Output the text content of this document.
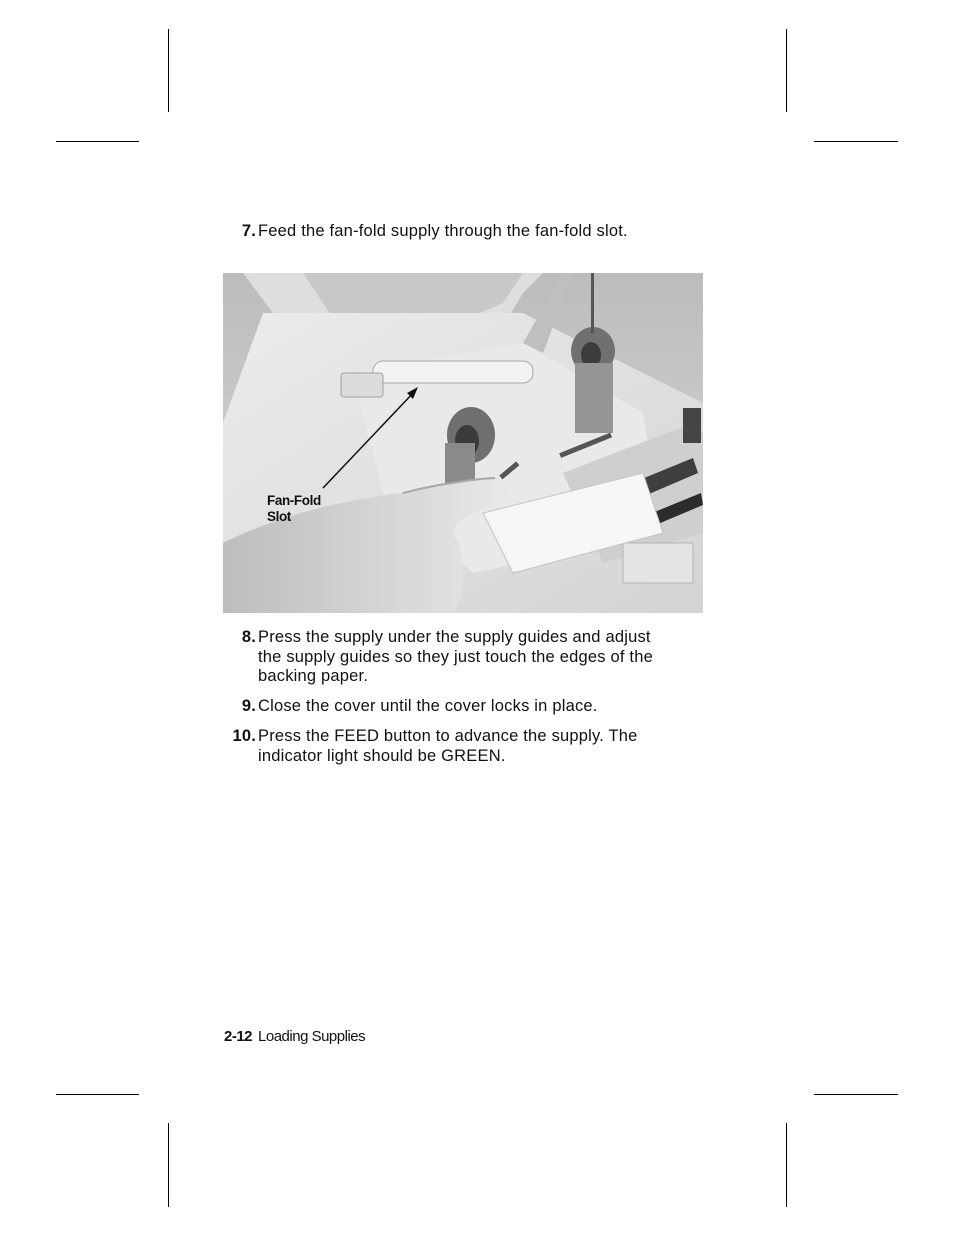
7. Feed the fan-fold supply through the fan-fold slot.
Fan-Fold
Slot
8. Press the supply under the supply guides and adjust the supply guides so they just touch the edges of the backing paper.
9. Close the cover until the cover locks in place.
10. Press the FEED button to advance the supply. The indicator light should be GREEN.
2-12 Loading Supplies
